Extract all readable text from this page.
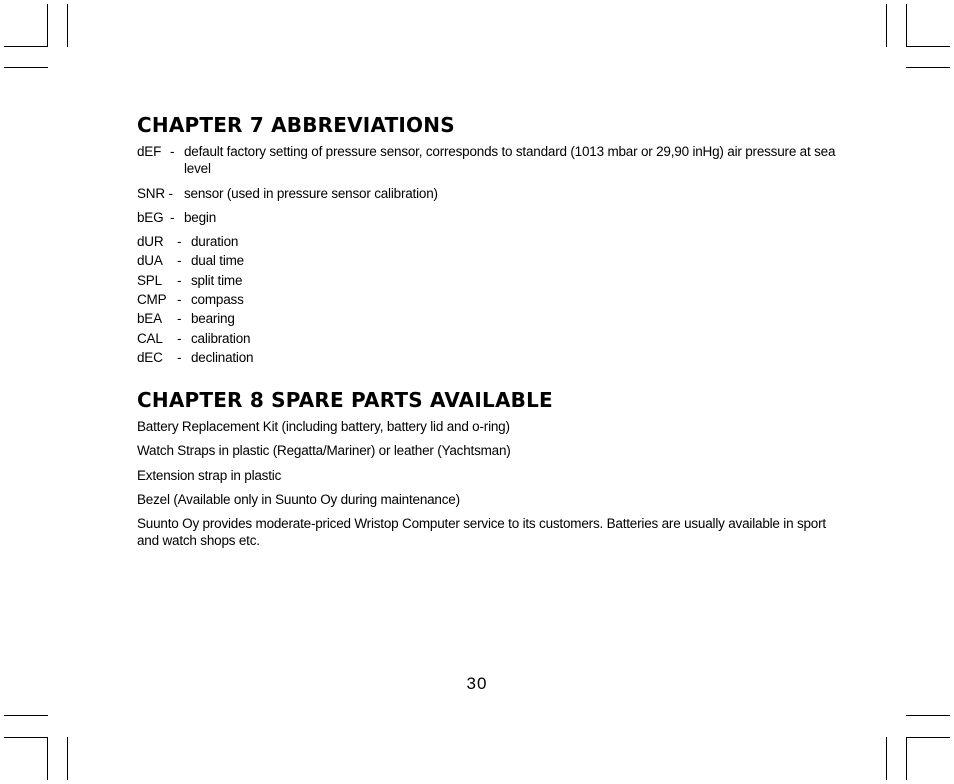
CHAPTER 7 ABBREVIATIONS
dEF - default factory setting of pressure sensor, corresponds to standard (1013 mbar or 29,90 inHg) air pressure at sea level
SNR - sensor (used in pressure sensor calibration)
bEG - begin
dUR - duration
dUA - dual time
SPL - split time
CMP - compass
bEA - bearing
CAL - calibration
dEC - declination
CHAPTER 8 SPARE PARTS AVAILABLE

Battery Replacement Kit (including battery, battery lid and o-ring)

Watch Straps in plastic (Regatta/Mariner) or leather (Yachtsman)

Extension strap in plastic

Bezel (Available only in Suunto Oy during maintenance)

Suunto Oy provides moderate-priced Wristop Computer service to its customers. Batteries are usually available in sport and watch shops etc.

30
